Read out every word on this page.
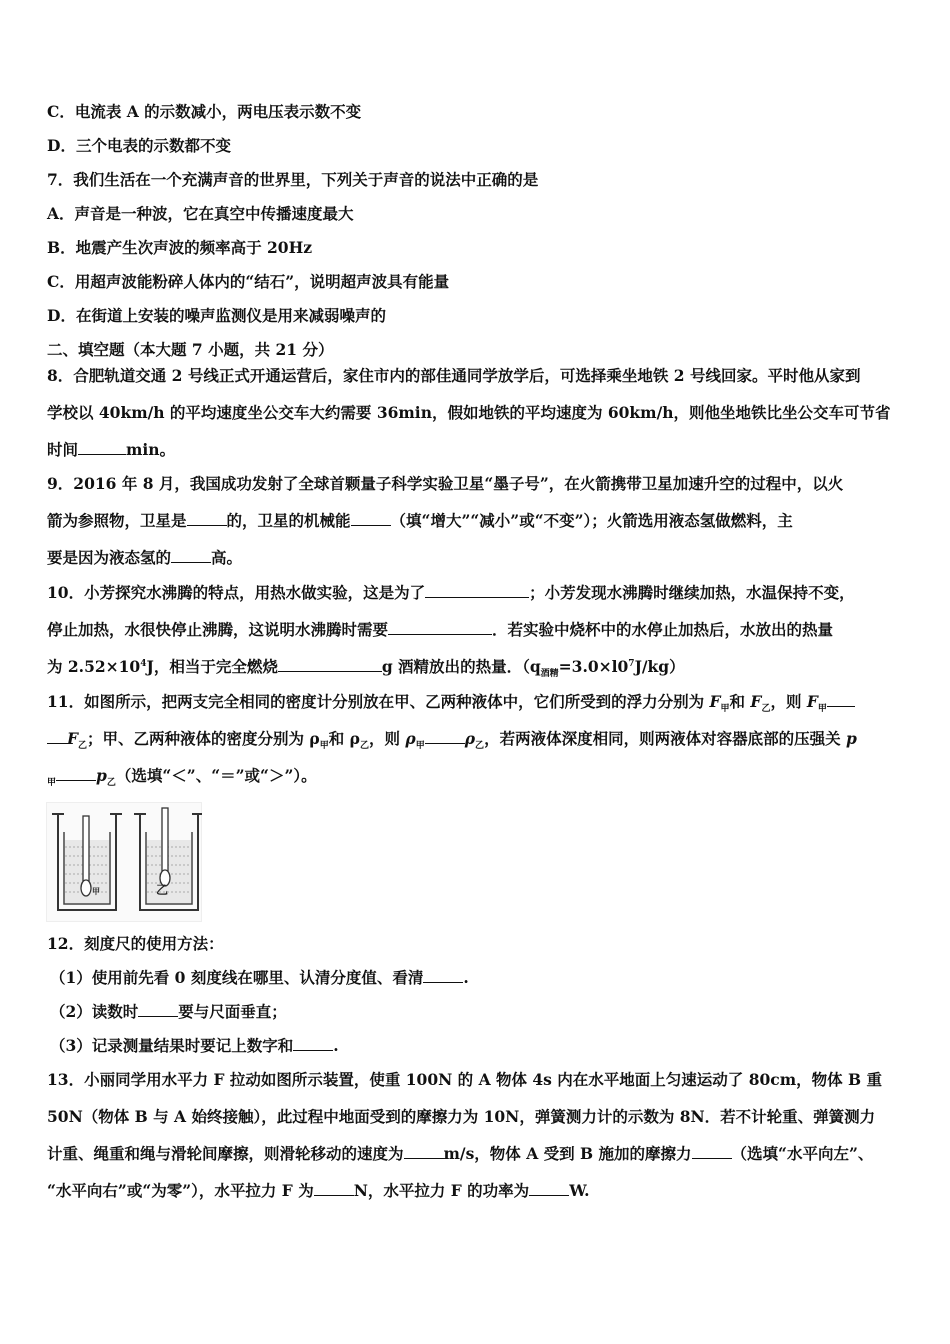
C．电流表 A 的示数减小，两电压表示数不变
D．三个电表的示数都不变
7．我们生活在一个充满声音的世界里，下列关于声音的说法中正确的是
A．声音是一种波，它在真空中传播速度最大
B．地震产生次声波的频率高于 20Hz
C．用超声波能粉碎人体内的“结石”，说明超声波具有能量
D．在街道上安装的噪声监测仪是用来减弱噪声的
二、填空题（本大题 7 小题，共 21 分）
8．合肥轨道交通 2 号线正式开通运营后，家住市内的部佳通同学放学后，可选择乘坐地铁 2 号线回家。平时他从家到
学校以 40km/h 的平均速度坐公交车大约需要 36min，假如地铁的平均速度为 60km/h，则他坐地铁比坐公交车可节省
时间	min。
9．2016 年 8 月，我国成功发射了全球首颗量子科学实验卫星“墨子号”，在火箭携带卫星加速升空的过程中，以火
箭为参照物，卫星是	的，卫星的机械能	（填“增大”“减小”或“不变”）；火箭选用液态氢做燃料，主
要是因为液态氢的	高。
10．小芳探究水沸腾的特点，用热水做实验，这是为了	；小芳发现水沸腾时继续加热，水温保持不变，
停止加热，水很快停止沸腾，这说明水沸腾时需要	．若实验中烧杯中的水停止加热后，水放出的热量
为 $2.52\times 10^4J$，相当于完全燃烧	g 酒精放出的热量．$(q_{酒精}=3.0\times l0^7J/kg)$
11．如图所示，把两支完全相同的密度计分别放在甲、乙两种液体中，它们所受到的浮力分别为 $F_甲$和 $F_乙$，则 $F_甲$
$F_乙$；甲、乙两种液体的密度分别为 $\rho_甲$和 $\rho_乙$，则 $\rho_甲$	$\rho_乙$，若两液体深度相同，则两液体对容器底部的压强关 p
$_甲$	$p_乙$（选填“＜”、“＝”或“＞”）。
甲	乙
12．刻度尺的使用方法：
（1）使用前先看 0 刻度线在哪里、认清分度值、看清	.
（2）读数时	要与尺面垂直；
（3）记录测量结果时要记上数字和	.
13．小丽同学用水平力 F 拉动如图所示装置，使重 100N 的 A 物体 4s 内在水平地面上匀速运动了 80cm，物体 B 重
50N（物体 B 与 A 始终接触），此过程中地面受到的摩擦力为 10N，弹簧测力计的示数为 8N．若不计轮重、弹簧测力
计重、绳重和绳与滑轮间摩擦，则滑轮移动的速度为	m/s，物体 A 受到 B 施加的摩擦力	（选填“水平向左”、
“水平向右”或“为零”），水平拉力 F 为	N，水平拉力 F 的功率为	W.
